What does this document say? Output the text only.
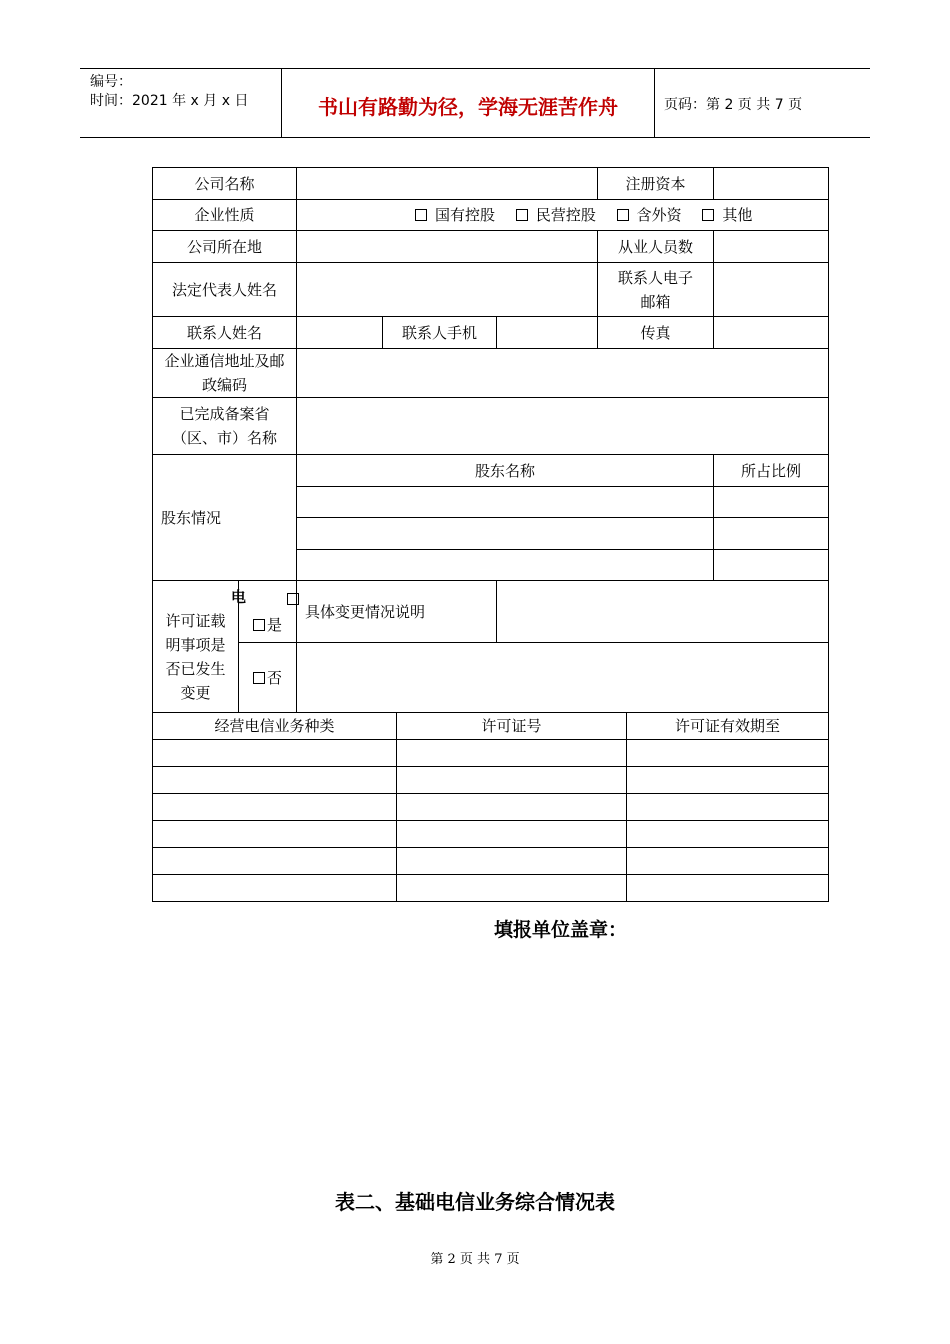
编号：
时间：2021 年 x 月 x 日	书山有路勤为径，学海无涯苦作舟	页码：第 2 页 共 7 页
公司名称					注册资本	
企业性质		国有控股 民营控股 含外资 其他				
公司所在地					从业人员数	
法定代表人姓名					联系人电子邮箱	
联系人姓名			联系人手机		传真	
企业通信地址及邮政编码						
已完成备案省（区、市）名称						
股东情况		股东名称				所占比例

许可证载明事项是否已发生变更	电
是	具体变更情况说明				
	否					
经营电信业务种类	许可证号	许可证有效期至

填报单位盖章：
表二、基础电信业务综合情况表
第 2 页 共 7 页
